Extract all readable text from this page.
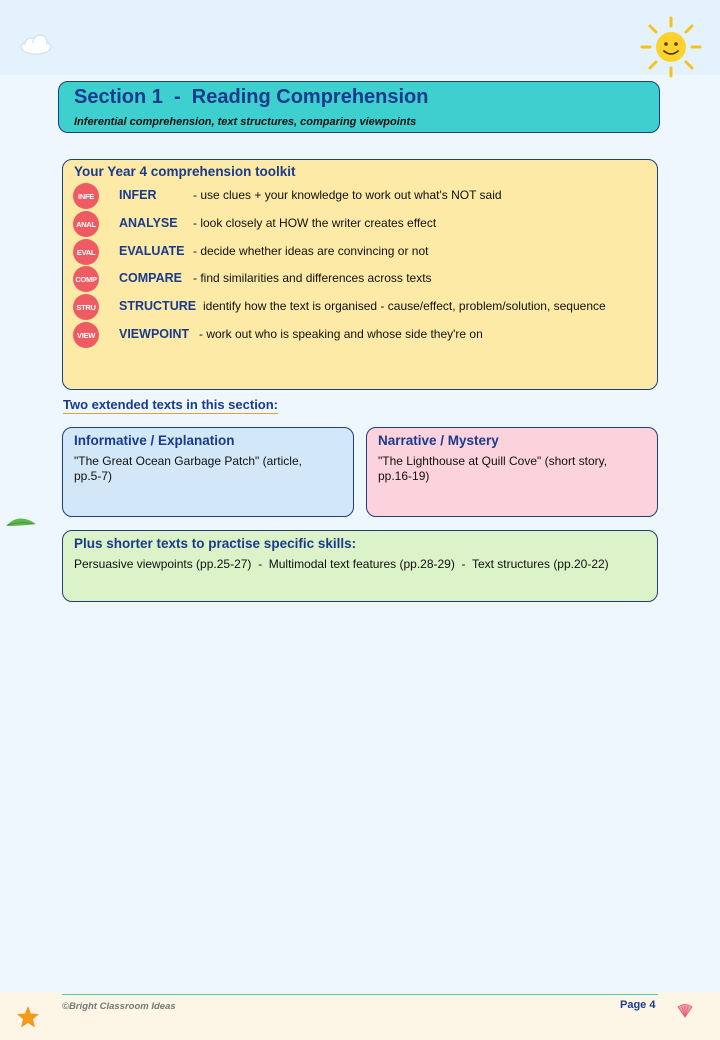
Section 1  -  Reading Comprehension
Inferential comprehension, text structures, comparing viewpoints
Your Year 4 comprehension toolkit
INFE	INFER	- use clues + your knowledge to work out what's NOT said
ANAL ANALYSE - look closely at HOW the writer creates effect
EVAL	EVALUATE - decide whether ideas are convincing or not
COMP COMPARE - find similarities and differences across texts
STRU STRUCTURE identify how the text is organised - cause/effect, problem/solution, sequence
VIEW	VIEWPOINT - work out who is speaking and whose side they're on
Two extended texts in this section:
Informative / Explanation
"The Great Ocean Garbage Patch" (article, pp.5-7)
Narrative / Mystery
"The Lighthouse at Quill Cove" (short story, pp.16-19)
Plus shorter texts to practise specific skills:
Persuasive viewpoints (pp.25-27)  -  Multimodal text features (pp.28-29)  -  Text structures (pp.20-22)
©Bright Classroom Ideas	Page 4
